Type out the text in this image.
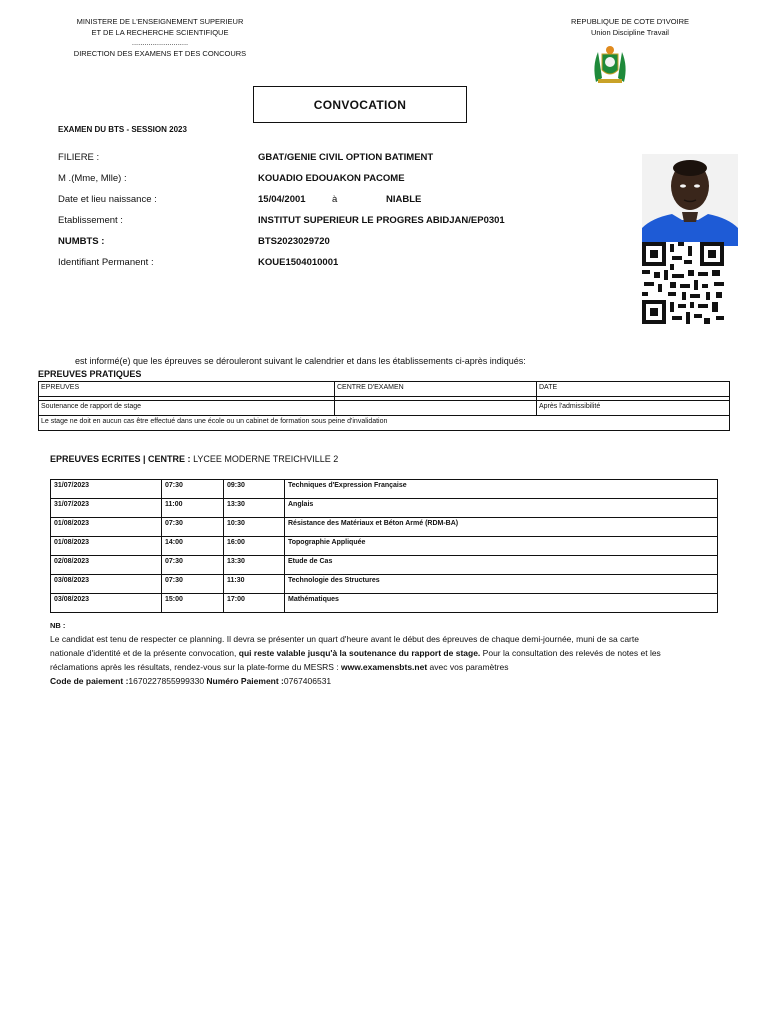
MINISTERE DE L'ENSEIGNEMENT SUPERIEUR
ET DE LA RECHERCHE SCIENTIFIQUE
...........................
DIRECTION DES EXAMENS ET DES CONCOURS
REPUBLIQUE DE COTE D'IVOIRE
Union Discipline Travail
CONVOCATION
EXAMEN DU BTS - SESSION 2023
FILIERE :	GBAT/GENIE CIVIL OPTION BATIMENT
M .(Mme, Mlle) :	KOUADIO EDOUAKON PACOME
Date et lieu naissance :	15/04/2001	à	NIABLE
Etablissement :	INSTITUT SUPERIEUR LE PROGRES ABIDJAN/EP0301
NUMBTS :	BTS2023029720
Identifiant Permanent :	KOUE1504010001
est informé(e) que les épreuves se dérouleront suivant le calendrier et dans les établissements ci-après indiqués:
EPREUVES PRATIQUES
EPREUVES	CENTRE D'EXAMEN	DATE

Soutenance de rapport de stage		Après l'admissibilité
Le stage ne doit en aucun cas être effectué dans une école ou un cabinet de formation sous peine d'invalidation		
EPREUVES ECRITES | CENTRE : LYCEE MODERNE TREICHVILLE 2
31/07/2023	07:30	09:30	Techniques d'Expression Française
31/07/2023	11:00	13:30	Anglais
01/08/2023	07:30	10:30	Résistance des Matériaux et Béton Armé (RDM-BA)
01/08/2023	14:00	16:00	Topographie Appliquée
02/08/2023	07:30	13:30	Etude de Cas
03/08/2023	07:30	11:30	Technologie des Structures
03/08/2023	15:00	17:00	Mathématiques
NB :
Le candidat est tenu de respecter ce planning. Il devra se présenter un quart d'heure avant le début des épreuves de chaque demi-journée, muni de sa carte nationale d'identité et de la présente convocation, qui reste valable jusqu'à la soutenance du rapport de stage. Pour la consultation des relevés de notes et les réclamations après les résultats, rendez-vous sur la plate-forme du MESRS : www.examensbts.net avec vos paramètres
Code de paiement :1670227855999330 Numéro Paiement :0767406531
